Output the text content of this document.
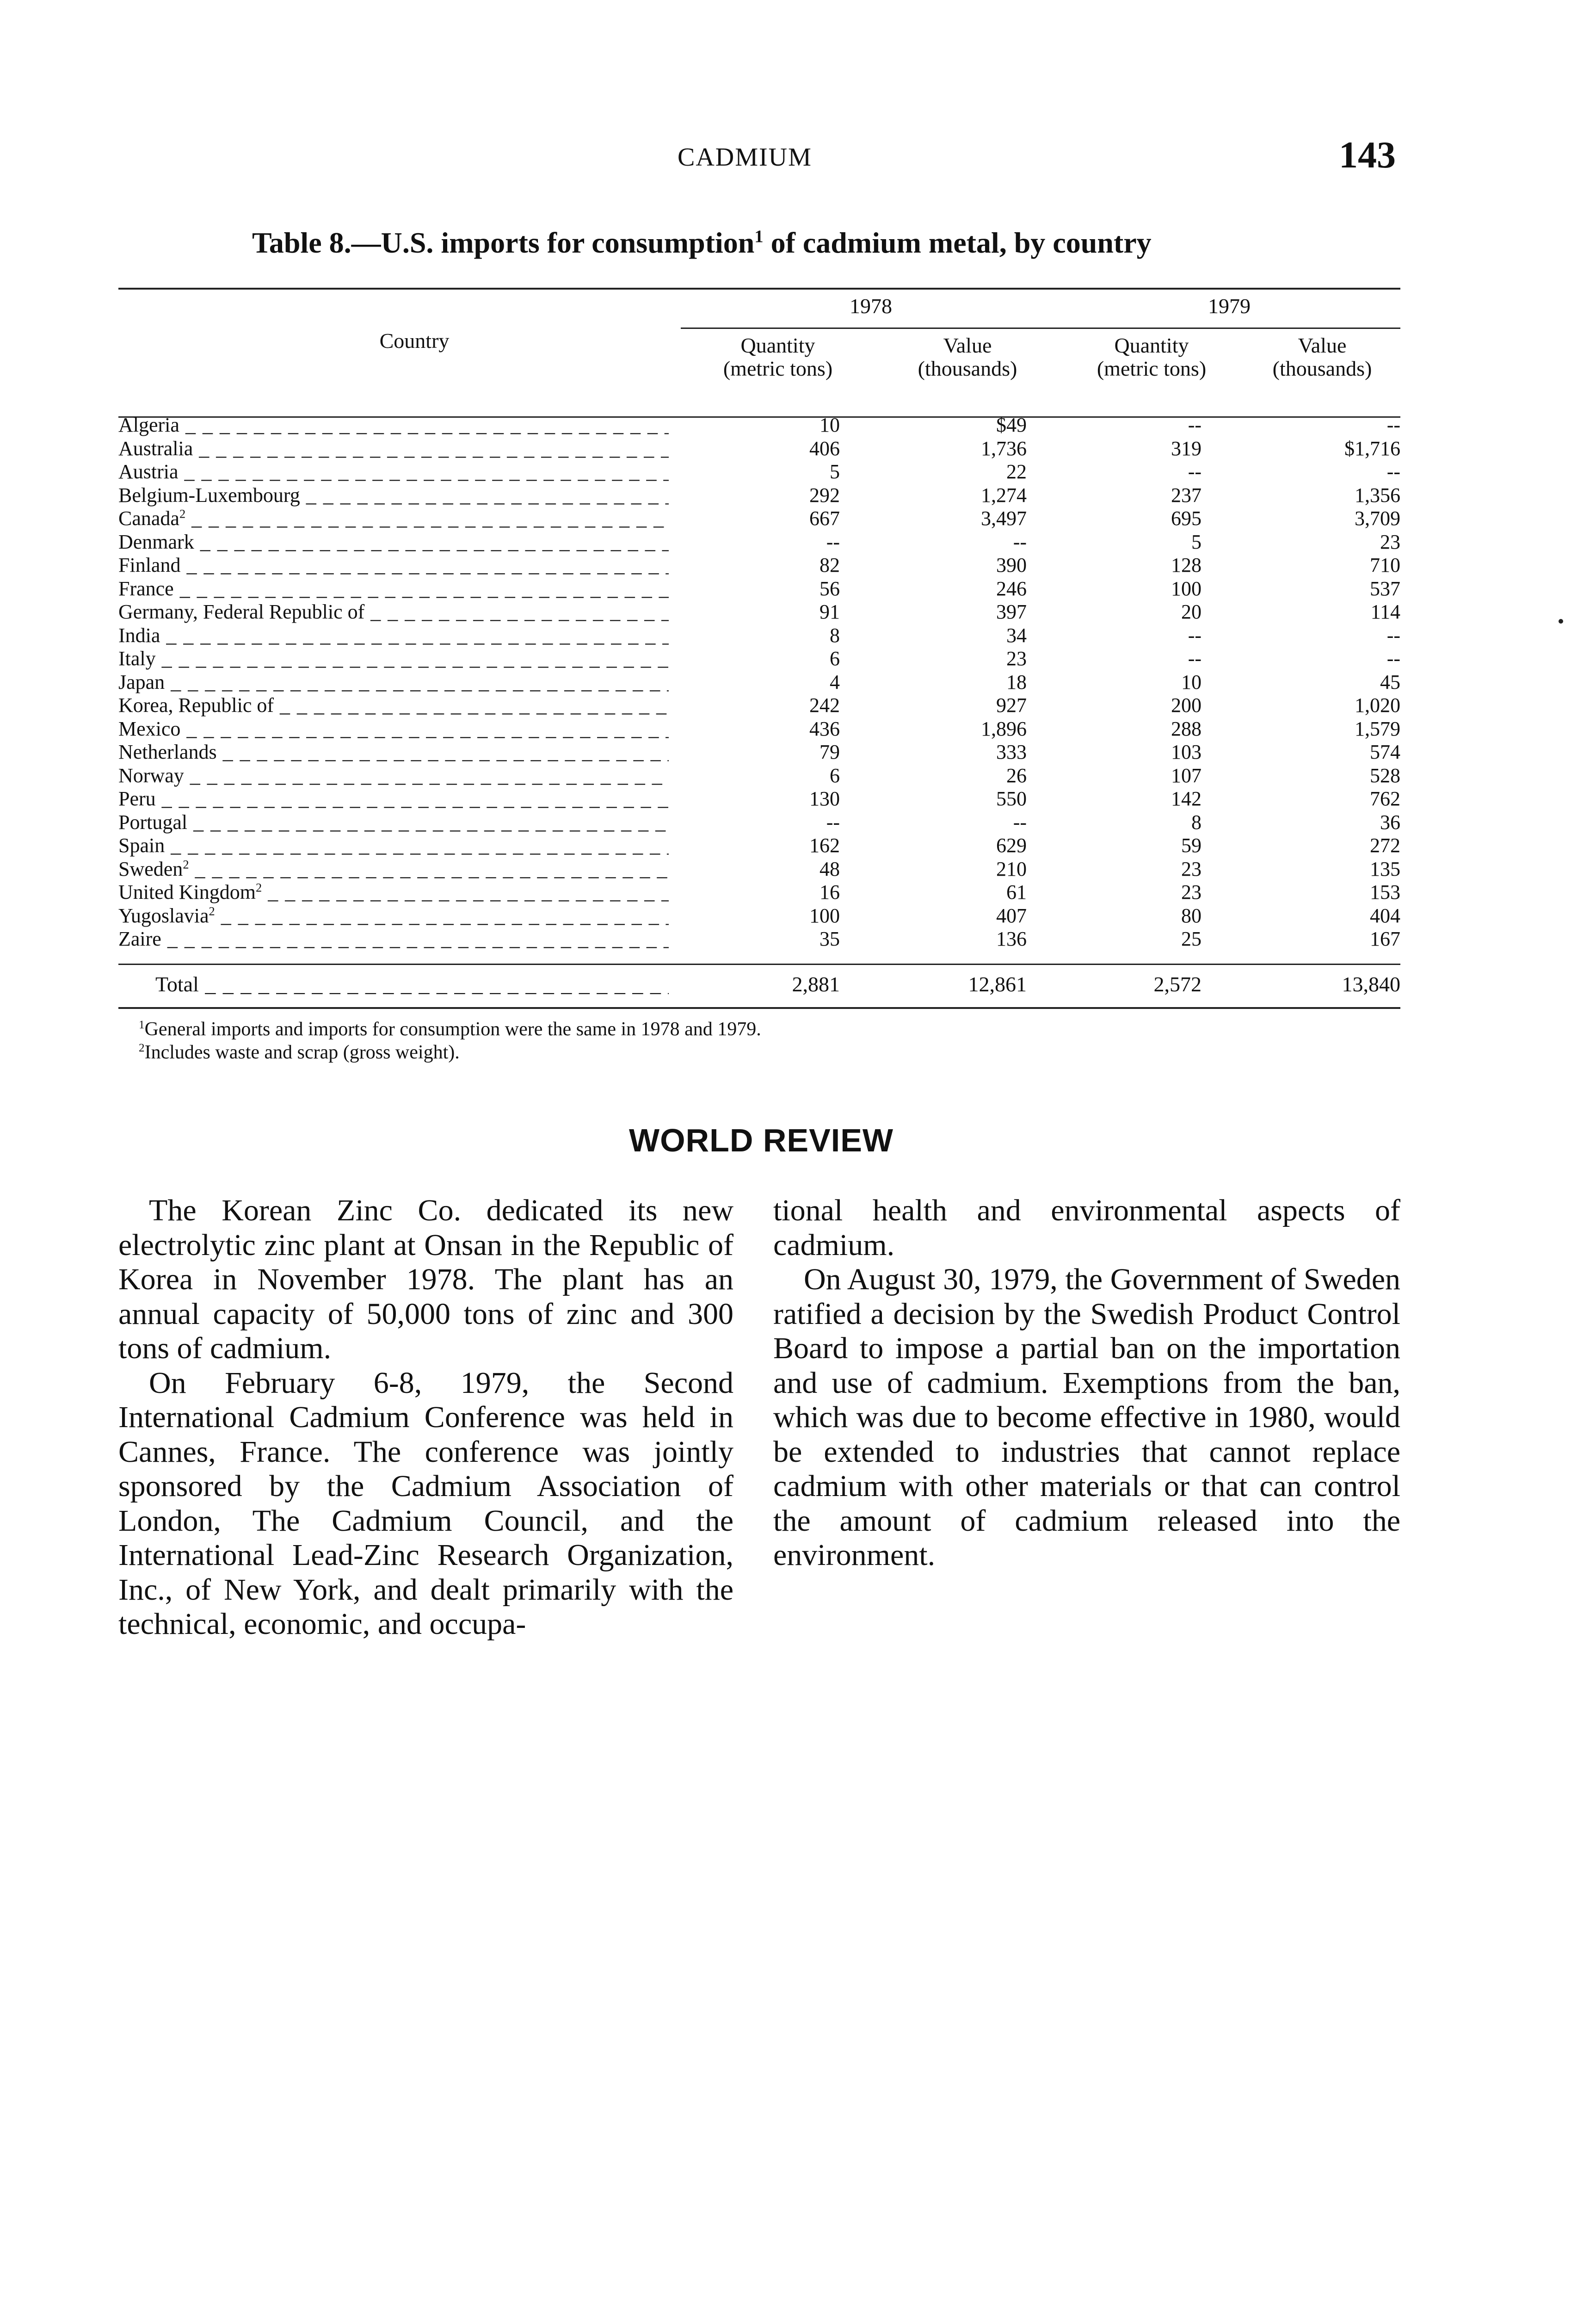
CADMIUM	143
Table 8.—U.S. imports for consumption$^1$ of cadmium metal, by country
1978	1979
Country	Quantity
(metric tons)
Value
(thousands)
Quantity
(metric tons)
Value
(thousands)
Algeria _ _ _	10	$49	--	--
Australia _ _ _	406	1,736	319	$1,716
Austria _ _ _	5	22	--	--
Belgium-Luxembourg _ _ _	292	1,274	237	1,356
Canada$^2$ _ _ _	667	3,497	695	3,709
Denmark _ _ _	--	--	5	23
Finland _ _ _	82	390	128	710
France _ _ _	56	246	100	537
Germany, Federal Republic of _ _ _	91	397	20	114
India _ _ _	8	34	--	--
Italy _ _ _	6	23	--	--
Japan _ _ _	4	18	10	45
Korea, Republic of _ _ _	242	927	200	1,020
Mexico _ _ _	436	1,896	288	1,579
Netherlands _ _ _	79	333	103	574
Norway _ _ _	6	26	107	528
Peru _ _ _	130	550	142	762
Portugal _ _ _	--	--	8	36
Spain _ _ _	162	629	59	272
Sweden$^2$ _ _ _	48	210	23	135
United Kingdom$^2$ _ _ _	16	61	23	153
Yugoslavia$^2$ _ _ _	100	407	80	404
Zaire _ _ _	35	136	25	167
Total _ _ _	2,881	12,861	2,572	13,840
$^1$General imports and imports for consumption were the same in 1978 and 1979.
$^2$Includes waste and scrap (gross weight).
WORLD REVIEW

The Korean Zinc Co. dedicated its new electrolytic zinc plant at Onsan in the Republic of Korea in November 1978. The plant has an annual capacity of 50,000 tons of zinc and 300 tons of cadmium.

On February 6-8, 1979, the Second International Cadmium Conference was held in Cannes, France. The conference was jointly sponsored by the Cadmium Association of London, The Cadmium Council, and the International Lead-Zinc Research Organization, Inc., of New York, and dealt primarily with the technical, economic, and occupa-

tional health and environmental aspects of cadmium.

On August 30, 1979, the Government of Sweden ratified a decision by the Swedish Product Control Board to impose a partial ban on the importation and use of cadmium. Exemptions from the ban, which was due to become effective in 1980, would be extended to industries that cannot replace cadmium with other materials or that can control the amount of cadmium released into the environment.
